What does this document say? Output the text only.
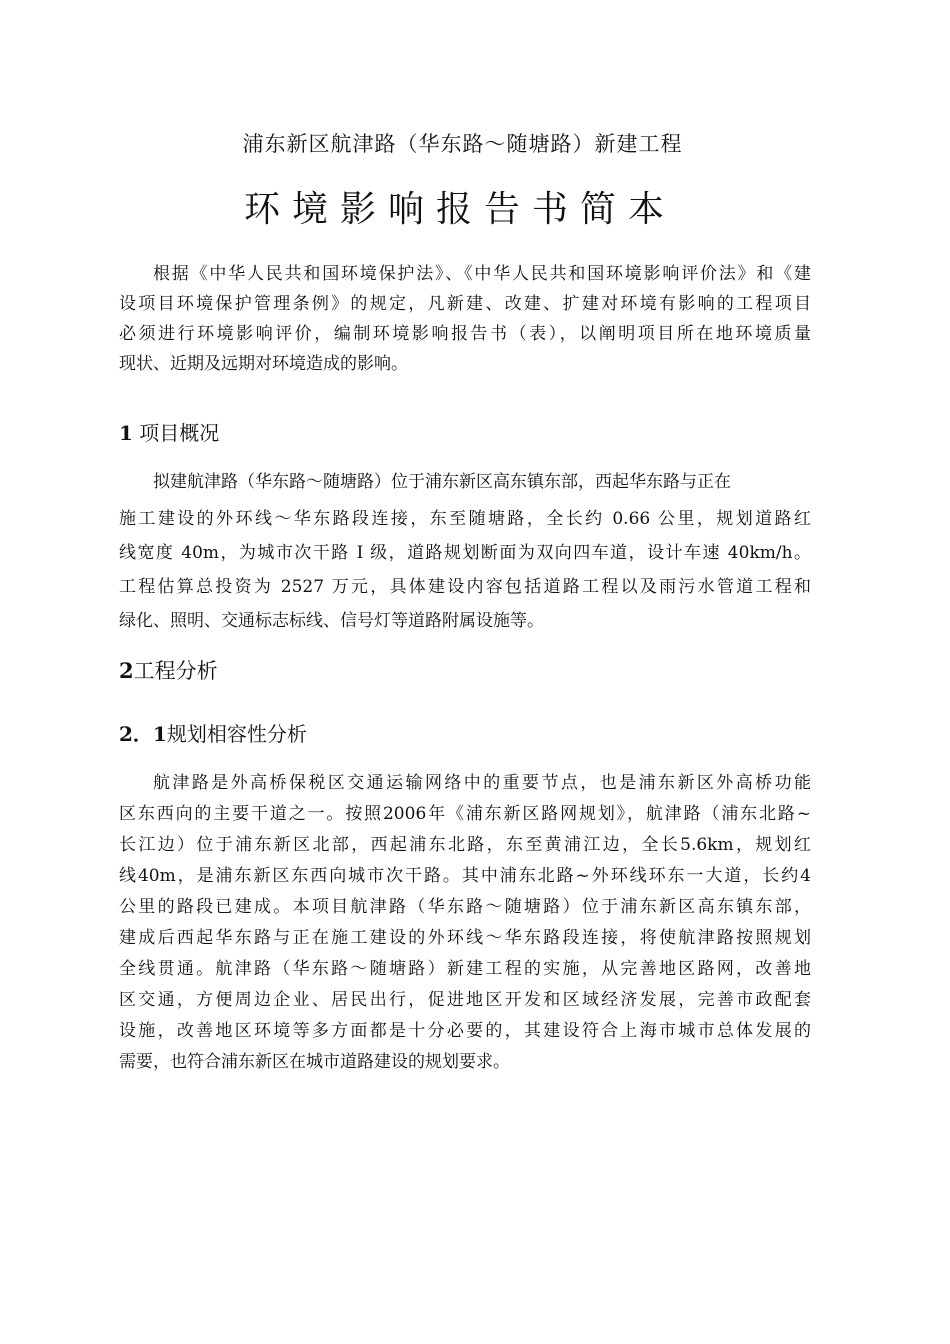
浦东新区航津路（华东路～随塘路）新建工程
环境影响报告书简本
根据《中华人民共和国环境保护法》、《中华人民共和国环境影响评价法》和《建
设项目环境保护管理条例》的规定，凡新建、改建、扩建对环境有影响的工程项目
必须进行环境影响评价，编制环境影响报告书（表），以阐明项目所在地环境质量
现状、近期及远期对环境造成的影响。
1 项目概况
拟建航津路（华东路～随塘路）位于浦东新区高东镇东部，西起华东路与正在
施工建设的外环线～华东路段连接，东至随塘路，全长约 0.66 公里，规划道路红
线宽度 40m，为城市次干路 I 级，道路规划断面为双向四车道，设计车速 40km/h。
工程估算总投资为 2527 万元，具体建设内容包括道路工程以及雨污水管道工程和
绿化、照明、交通标志标线、信号灯等道路附属设施等。
2工程分析
2．1规划相容性分析
航津路是外高桥保税区交通运输网络中的重要节点，也是浦东新区外高桥功能
区东西向的主要干道之一。按照2006年《浦东新区路网规划》，航津路（浦东北路~
长江边）位于浦东新区北部，西起浦东北路，东至黄浦江边，全长5.6km，规划红
线40m，是浦东新区东西向城市次干路。其中浦东北路~外环线环东一大道，长约4
公里的路段已建成。本项目航津路（华东路～随塘路）位于浦东新区高东镇东部，
建成后西起华东路与正在施工建设的外环线～华东路段连接，将使航津路按照规划
全线贯通。航津路（华东路～随塘路）新建工程的实施，从完善地区路网，改善地
区交通，方便周边企业、居民出行，促进地区开发和区域经济发展，完善市政配套
设施，改善地区环境等多方面都是十分必要的，其建设符合上海市城市总体发展的
需要，也符合浦东新区在城市道路建设的规划要求。
